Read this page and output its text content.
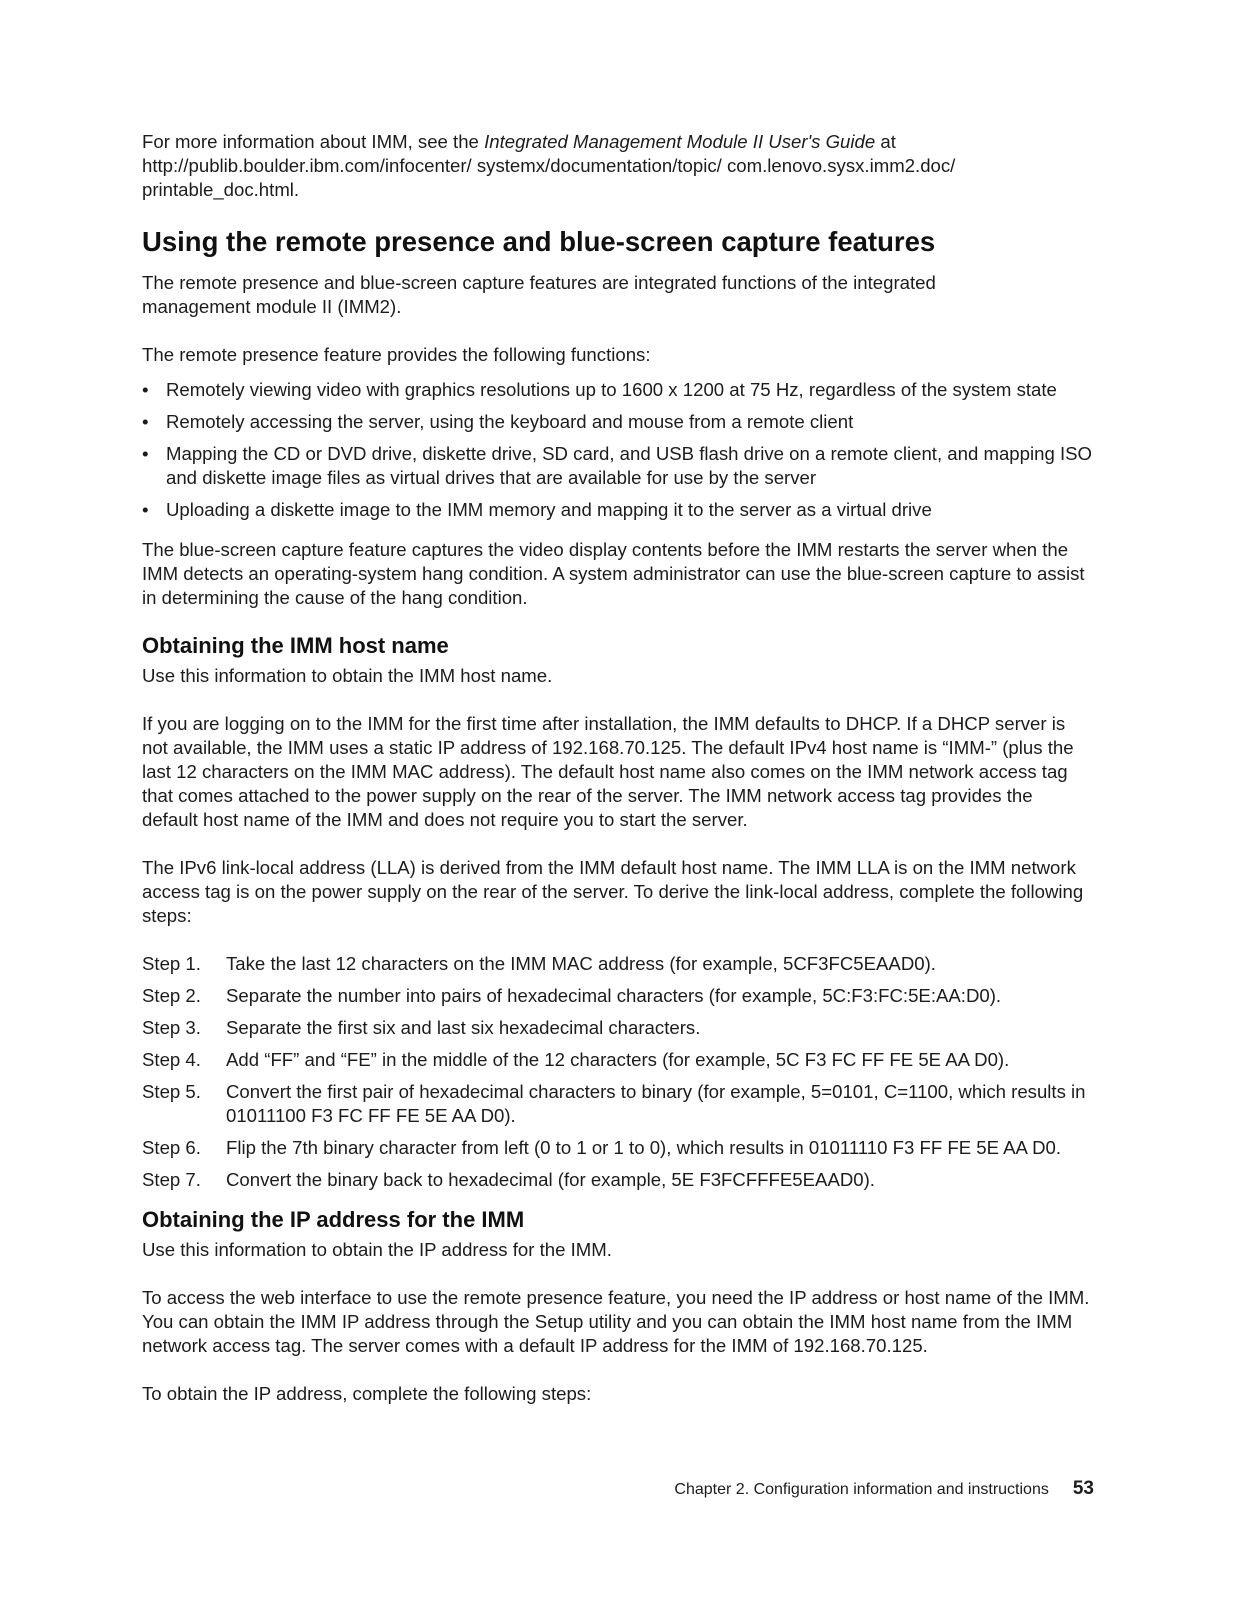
For more information about IMM, see the Integrated Management Module II User's Guide at
http://publib.boulder.ibm.com/infocenter/ systemx/documentation/topic/ com.lenovo.sysx.imm2.doc/
printable_doc.html.

Using the remote presence and blue-screen capture features

The remote presence and blue-screen capture features are integrated functions of the integrated management module II (IMM2).

The remote presence feature provides the following functions:

• Remotely viewing video with graphics resolutions up to 1600 x 1200 at 75 Hz, regardless of the system state
• Remotely accessing the server, using the keyboard and mouse from a remote client
• Mapping the CD or DVD drive, diskette drive, SD card, and USB flash drive on a remote client, and mapping ISO and diskette image files as virtual drives that are available for use by the server
• Uploading a diskette image to the IMM memory and mapping it to the server as a virtual drive

The blue-screen capture feature captures the video display contents before the IMM restarts the server when the IMM detects an operating-system hang condition. A system administrator can use the blue-screen capture to assist in determining the cause of the hang condition.

Obtaining the IMM host name

Use this information to obtain the IMM host name.

If you are logging on to the IMM for the first time after installation, the IMM defaults to DHCP. If a DHCP server is not available, the IMM uses a static IP address of 192.168.70.125. The default IPv4 host name is “IMM-” (plus the last 12 characters on the IMM MAC address). The default host name also comes on the IMM network access tag that comes attached to the power supply on the rear of the server. The IMM network access tag provides the default host name of the IMM and does not require you to start the server.

The IPv6 link-local address (LLA) is derived from the IMM default host name. The IMM LLA is on the IMM network access tag is on the power supply on the rear of the server. To derive the link-local address, complete the following steps:

Step 1.	Take the last 12 characters on the IMM MAC address (for example, 5CF3FC5EAAD0).
Step 2.	Separate the number into pairs of hexadecimal characters (for example, 5C:F3:FC:5E:AA:D0).
Step 3.	Separate the first six and last six hexadecimal characters.
Step 4.	Add “FF” and “FE” in the middle of the 12 characters (for example, 5C F3 FC FF FE 5E AA D0).
Step 5.	Convert the first pair of hexadecimal characters to binary (for example, 5=0101, C=1100, which results in 01011100 F3 FC FF FE 5E AA D0).
Step 6.	Flip the 7th binary character from left (0 to 1 or 1 to 0), which results in 01011110 F3 FF FE 5E AA D0.
Step 7.	Convert the binary back to hexadecimal (for example, 5E F3FCFFFE5EAAD0).
Obtaining the IP address for the IMM

Use this information to obtain the IP address for the IMM.

To access the web interface to use the remote presence feature, you need the IP address or host name of the IMM. You can obtain the IMM IP address through the Setup utility and you can obtain the IMM host name from the IMM network access tag. The server comes with a default IP address for the IMM of 192.168.70.125.

To obtain the IP address, complete the following steps:

Chapter 2. Configuration information and instructions 53
